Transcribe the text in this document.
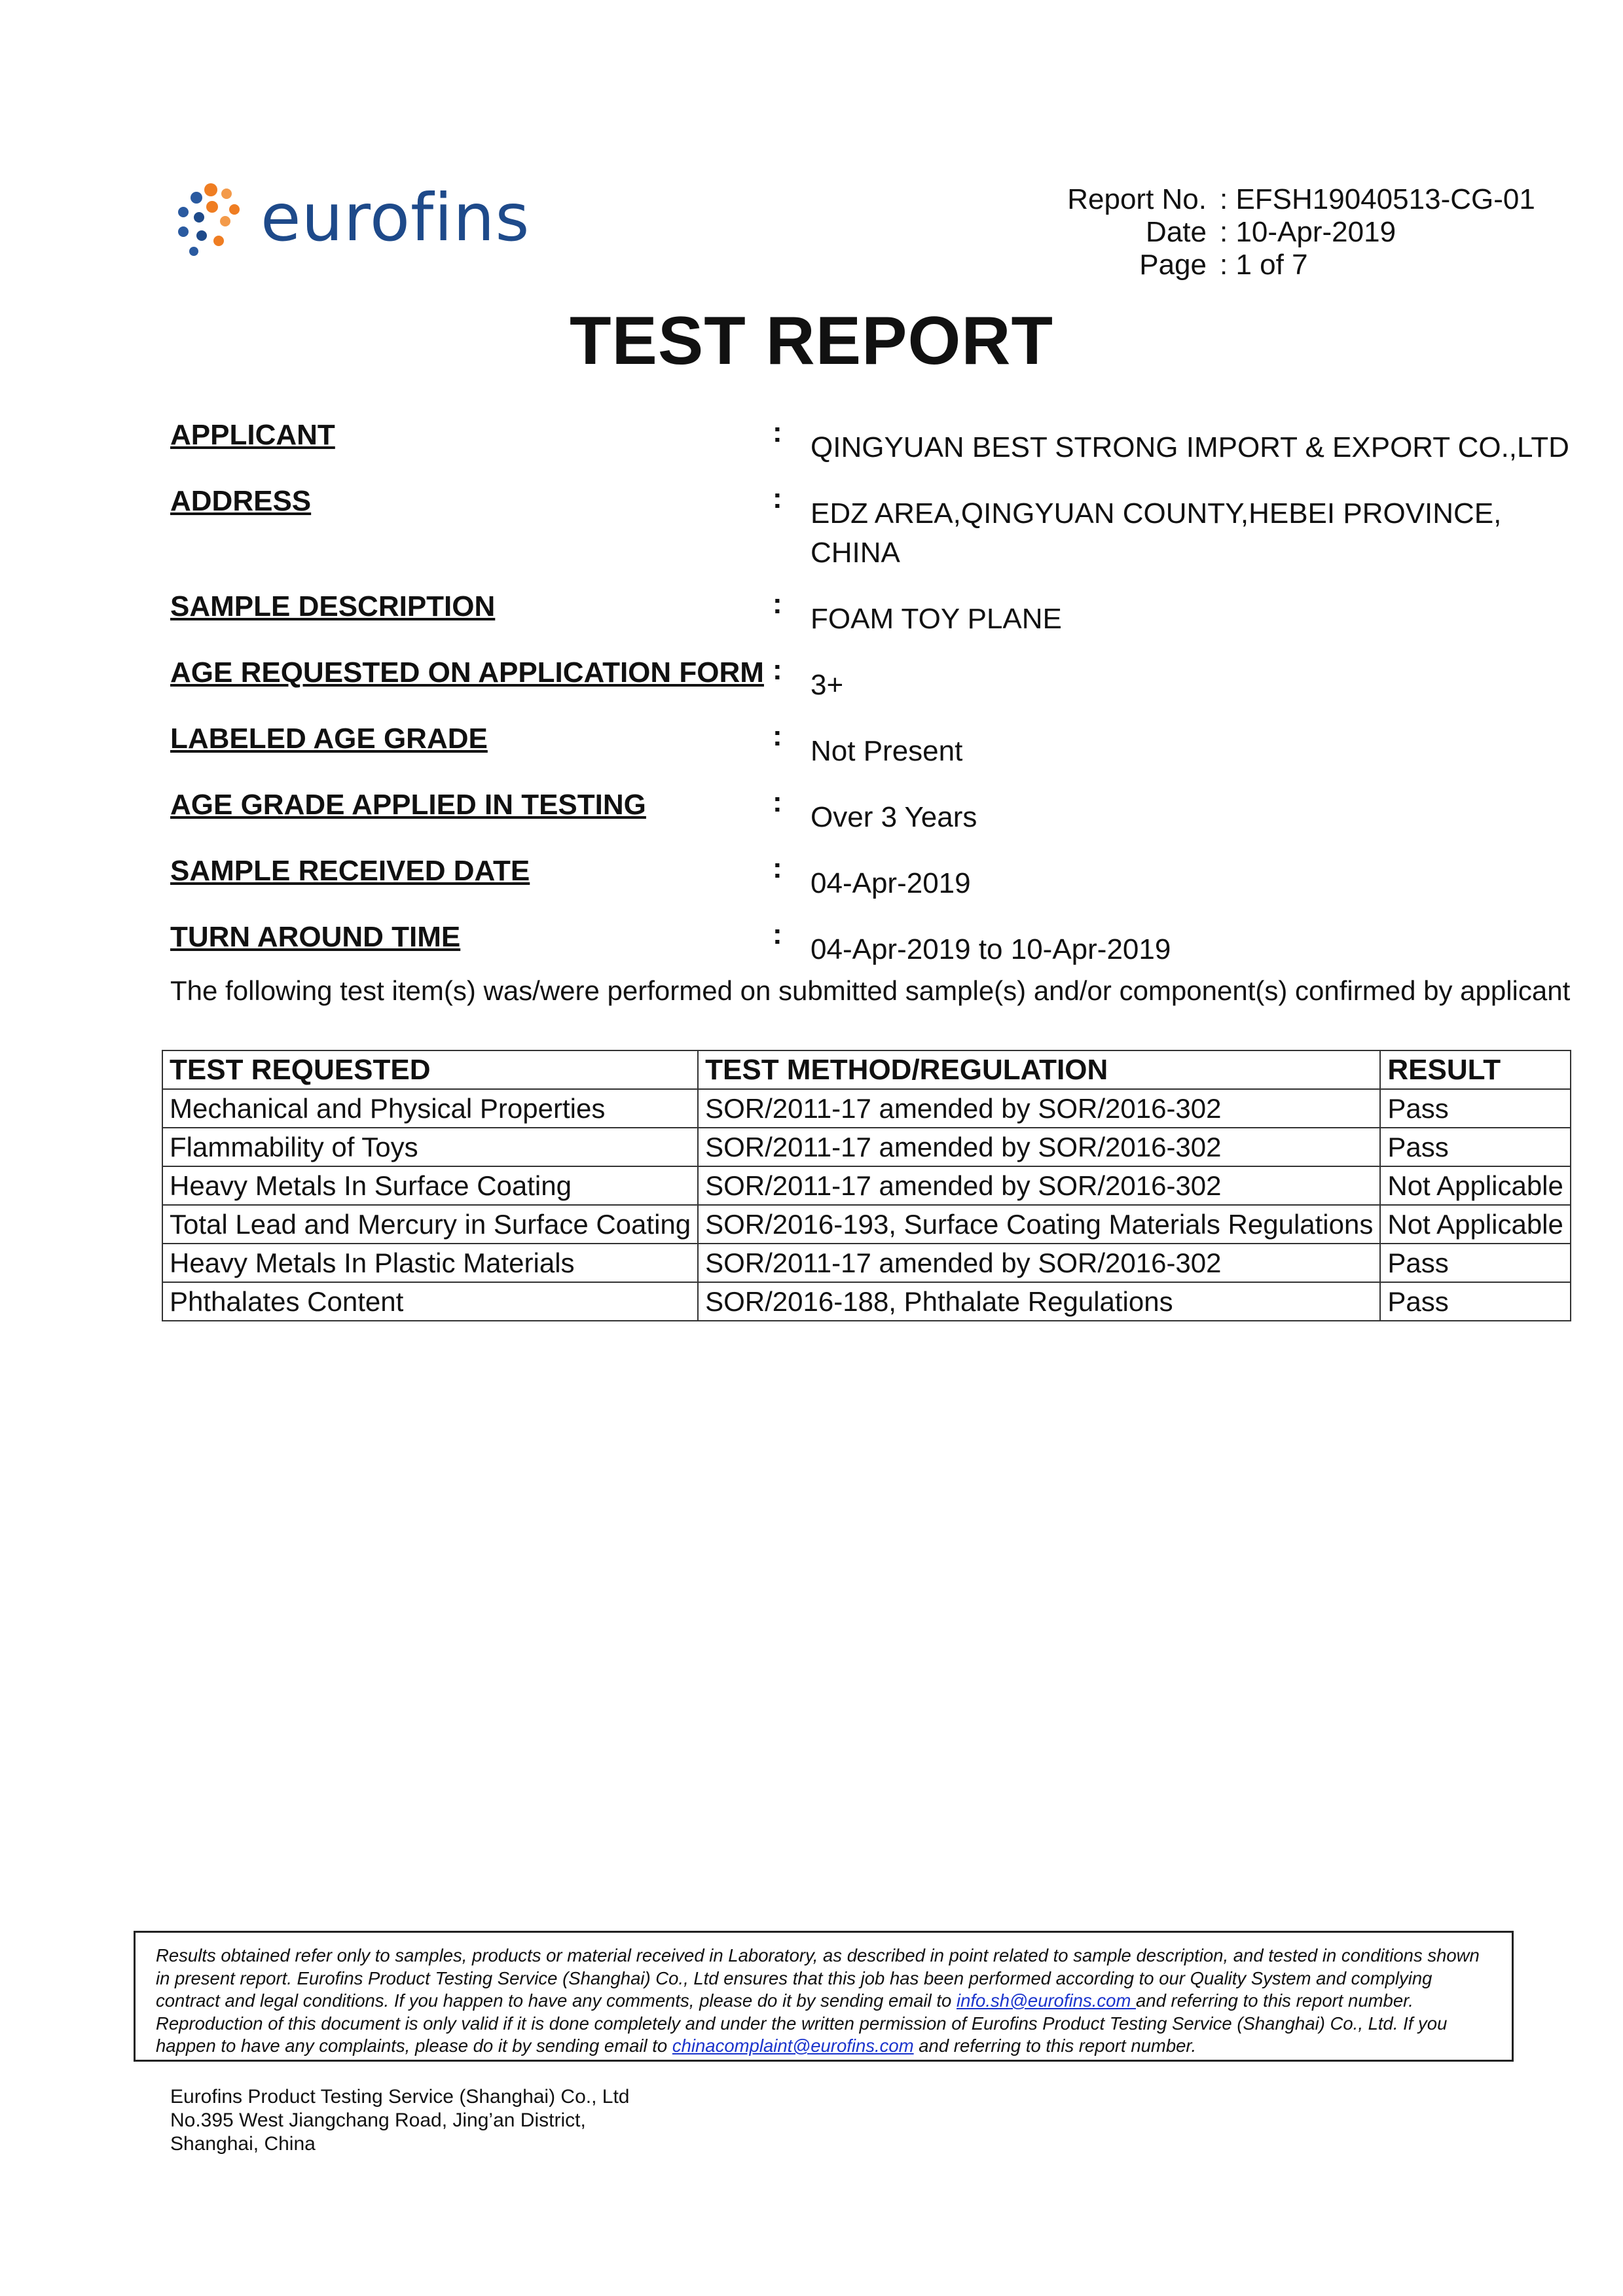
eurofins	Report No. : EFSH19040513-CG-01
Date : 10-Apr-2019
Page : 1 of 7
TEST REPORT
APPLICANT	: QINGYUAN BEST STRONG IMPORT & EXPORT CO.,LTD
ADDRESS	: EDZ AREA,QINGYUAN COUNTY,HEBEI PROVINCE, CHINA
SAMPLE DESCRIPTION	: FOAM TOY PLANE
AGE REQUESTED ON APPLICATION FORM : 3+
LABELED AGE GRADE	: Not Present
AGE GRADE APPLIED IN TESTING	: Over 3 Years
SAMPLE RECEIVED DATE	: 04-Apr-2019
TURN AROUND TIME	: 04-Apr-2019 to 10-Apr-2019
The following test item(s) was/were performed on submitted sample(s) and/or component(s) confirmed by applicant
TEST REQUESTED	TEST METHOD/REGULATION	RESULT
Mechanical and Physical Properties	SOR/2011-17 amended by SOR/2016-302	Pass
Flammability of Toys	SOR/2011-17 amended by SOR/2016-302	Pass
Heavy Metals In Surface Coating	SOR/2011-17 amended by SOR/2016-302	Not Applicable
Total Lead and Mercury in Surface Coating	SOR/2016-193, Surface Coating Materials Regulations	Not Applicable
Heavy Metals In Plastic Materials	SOR/2011-17 amended by SOR/2016-302	Pass
Phthalates Content	SOR/2016-188, Phthalate Regulations	Pass
Results obtained refer only to samples, products or material received in Laboratory, as described in point related to sample description, and tested in conditions shown in present report. Eurofins Product Testing Service (Shanghai) Co., Ltd ensures that this job has been performed according to our Quality System and complying contract and legal conditions. If you happen to have any comments, please do it by sending email to info.sh@eurofins.com and referring to this report number. Reproduction of this document is only valid if it is done completely and under the written permission of Eurofins Product Testing Service (Shanghai) Co., Ltd. If you happen to have any complaints, please do it by sending email to chinacomplaint@eurofins.com and referring to this report number.
Eurofins Product Testing Service (Shanghai) Co., Ltd
No.395 West Jiangchang Road, Jing’an District,
Shanghai, China
